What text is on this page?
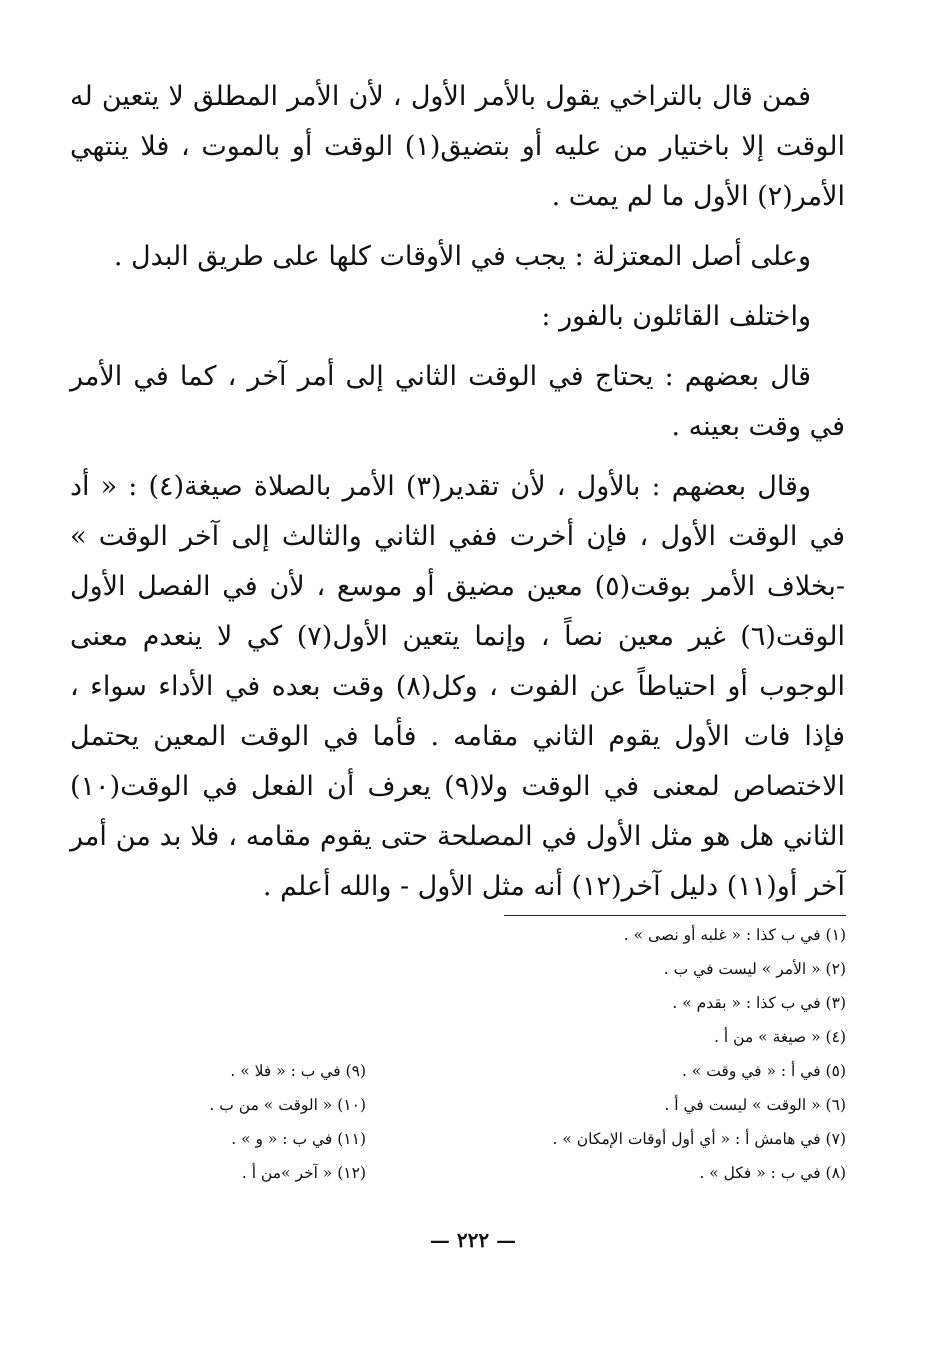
فمن قال بالتراخي يقول بالأمر الأول ، لأن الأمر المطلق لا يتعين له الوقت إلا باختيار من عليه أو بتضيق(١) الوقت أو بالموت ، فلا ينتهي الأمر(٢) الأول ما لم يمت .

وعلى أصل المعتزلة : يجب في الأوقات كلها على طريق البدل .

واختلف القائلون بالفور :

قال بعضهم : يحتاج في الوقت الثاني إلى أمر آخر ، كما في الأمر في وقت بعينه .

وقال بعضهم : بالأول ، لأن تقدير(٣) الأمر بالصلاة صيغة(٤) : « أد في الوقت الأول ، فإن أخرت ففي الثاني والثالث إلى آخر الوقت » -بخلاف الأمر بوقت(٥) معين مضيق أو موسع ، لأن في الفصل الأول الوقت(٦) غير معين نصاً ، وإنما يتعين الأول(٧) كي لا ينعدم معنى الوجوب أو احتياطاً عن الفوت ، وكل(٨) وقت بعده في الأداء سواء ، فإذا فات الأول يقوم الثاني مقامه . فأما في الوقت المعين يحتمل الاختصاص لمعنى في الوقت ولا(٩) يعرف أن الفعل في الوقت(١٠) الثاني هل هو مثل الأول في المصلحة حتى يقوم مقامه ، فلا بد من أمر آخر أو(١١) دليل آخر(١٢) أنه مثل الأول - والله أعلم .

(١) في ب كذا : « غلبه أو نصى » .
(٢) « الأمر » ليست في ب .
(٣) في ب كذا : « بقدم » .
(٤) « صيغة » من أ .
(٥) في أ : « في وقت » .
(٦) « الوقت » ليست في أ .
(٧) في هامش أ : « أي أول أوقات الإمكان » .
(٨) في ب : « فكل » .
(٩) في ب : « فلا » .
(١٠) « الوقت » من ب .
(١١) في ب : « و » .
(١٢) « آخر »من أ .
— ٢٢٢ —
